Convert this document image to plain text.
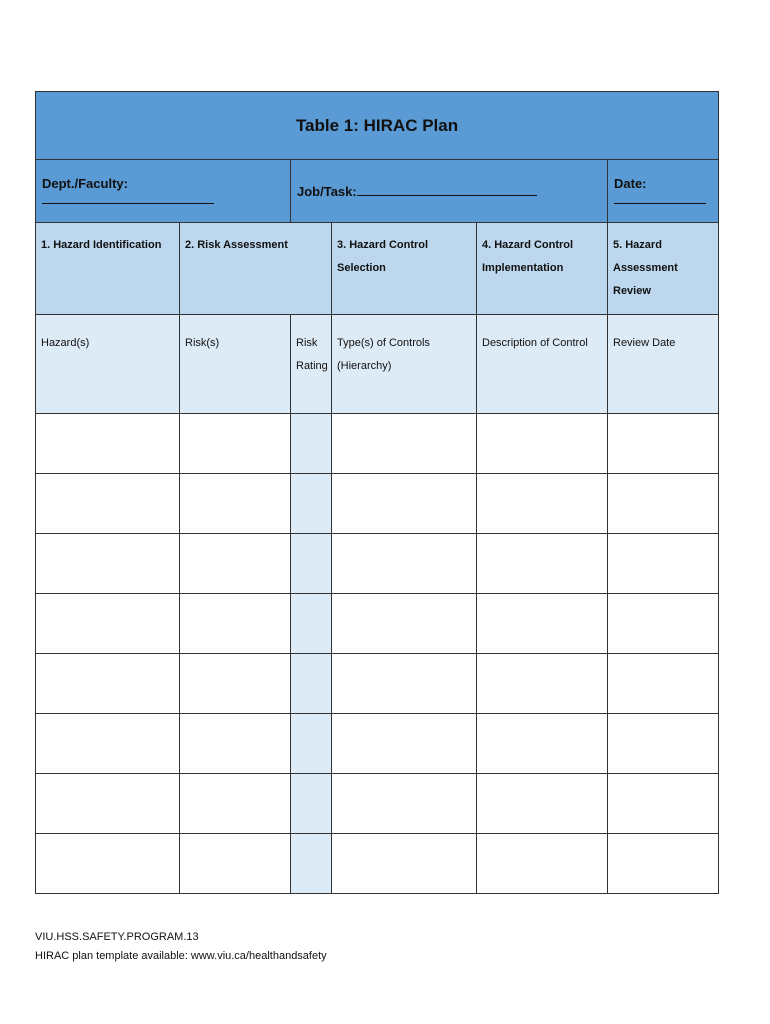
Table 1: HIRAC Plan					
Dept./Faculty:		Job/Task:			Date:
1. Hazard Identification	2. Risk Assessment		3. Hazard Control Selection	4. Hazard Control Implementation	5. Hazard Assessment Review
Hazard(s)	Risk(s)	Risk Rating	Type(s) of Controls (Hierarchy)	Description of Control	Review Date

VIU.HSS.SAFETY.PROGRAM.13
HIRAC plan template available: www.viu.ca/healthandsafety
